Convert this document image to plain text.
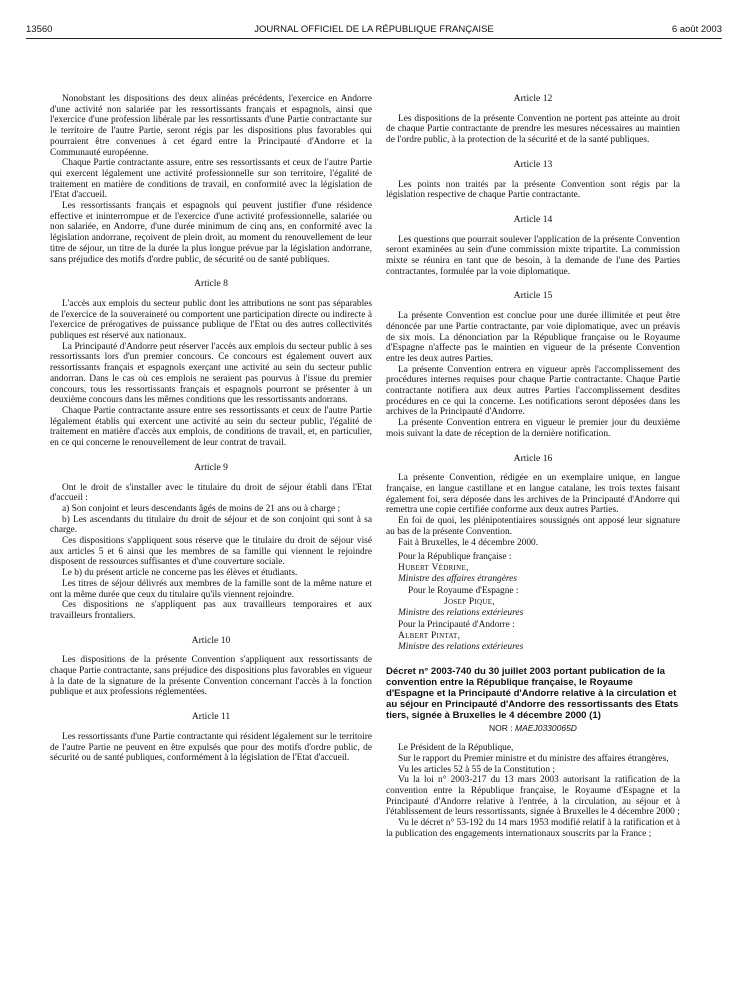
13560	JOURNAL OFFICIEL DE LA RÉPUBLIQUE FRANÇAISE	6 août 2003

Nonobstant les dispositions des deux alinéas précédents, l'exercice en Andorre d'une activité non salariée par les ressortissants français et espagnols, ainsi que l'exercice d'une profession libérale par les ressortissants d'une Partie contractante sur le territoire de l'autre Partie, seront régis par les dispositions plus favorables qui pourraient être convenues à cet égard entre la Principauté d'Andorre et la Communauté européenne.

Chaque Partie contractante assure, entre ses ressortissants et ceux de l'autre Partie qui exercent légalement une activité professionnelle sur son territoire, l'égalité de traitement en matière de conditions de travail, en conformité avec la législation de l'Etat d'accueil.

Les ressortissants français et espagnols qui peuvent justifier d'une résidence effective et ininterrompue et de l'exercice d'une activité professionnelle, salariée ou non salariée, en Andorre, d'une durée minimum de cinq ans, en conformité avec la législation andorrane, reçoivent de plein droit, au moment du renouvellement de leur titre de séjour, un titre de la durée la plus longue prévue par la législation andorrane, sans préjudice des motifs d'ordre public, de sécurité ou de santé publiques.

Article 8

L'accès aux emplois du secteur public dont les attributions ne sont pas séparables de l'exercice de la souveraineté ou comportent une participation directe ou indirecte à l'exercice de prérogatives de puissance publique de l'Etat ou des autres collectivités publiques est réservé aux nationaux.

La Principauté d'Andorre peut réserver l'accès aux emplois du secteur public à ses ressortissants lors d'un premier concours. Ce concours est également ouvert aux ressortissants français et espagnols exerçant une activité au sein du secteur public andorran. Dans le cas où ces emplois ne seraient pas pourvus à l'issue du premier concours, tous les ressortissants français et espagnols pourront se présenter à un deuxième concours dans les mêmes conditions que les ressortissants andorrans.

Chaque Partie contractante assure entre ses ressortissants et ceux de l'autre Partie légalement établis qui exercent une activité au sein du secteur public, l'égalité de traitement en matière d'accès aux emplois, de conditions de travail, et, en particulier, en ce qui concerne le renouvellement de leur contrat de travail.

Article 9

Ont le droit de s'installer avec le titulaire du droit de séjour établi dans l'Etat d'accueil :

a) Son conjoint et leurs descendants âgés de moins de 21 ans ou à charge ;

b) Les ascendants du titulaire du droit de séjour et de son conjoint qui sont à sa charge.

Ces dispositions s'appliquent sous réserve que le titulaire du droit de séjour visé aux articles 5 et 6 ainsi que les membres de sa famille qui viennent le rejoindre disposent de ressources suffisantes et d'une couverture sociale.

Le b) du présent article ne concerne pas les élèves et étudiants.

Les titres de séjour délivrés aux membres de la famille sont de la même nature et ont la même durée que ceux du titulaire qu'ils viennent rejoindre.

Ces dispositions ne s'appliquent pas aux travailleurs temporaires et aux travailleurs frontaliers.

Article 10

Les dispositions de la présente Convention s'appliquent aux ressortissants de chaque Partie contractante, sans préjudice des dispositions plus favorables en vigueur à la date de la signature de la présente Convention concernant l'accès à la fonction publique et aux professions réglementées.

Article 11

Les ressortissants d'une Partie contractante qui résident légalement sur le territoire de l'autre Partie ne peuvent en être expulsés que pour des motifs d'ordre public, de sécurité ou de santé publiques, conformément à la législation de l'Etat d'accueil.

Article 12

Les dispositions de la présente Convention ne portent pas atteinte au droit de chaque Partie contractante de prendre les mesures nécessaires au maintien de l'ordre public, à la protection de la sécurité et de la santé publiques.

Article 13

Les points non traités par la présente Convention sont régis par la législation respective de chaque Partie contractante.

Article 14

Les questions que pourrait soulever l'application de la présente Convention seront examinées au sein d'une commission mixte tripartite. La commission mixte se réunira en tant que de besoin, à la demande de l'une des Parties contractantes, formulée par la voie diplomatique.

Article 15

La présente Convention est conclue pour une durée illimitée et peut être dénoncée par une Partie contractante, par voie diplomatique, avec un préavis de six mois. La dénonciation par la République française ou le Royaume d'Espagne n'affecte pas le maintien en vigueur de la présente Convention entre les deux autres Parties.

La présente Convention entrera en vigueur après l'accomplissement des procédures internes requises pour chaque Partie contractante. Chaque Partie contractante notifiera aux deux autres Parties l'accomplissement desdites procédures en ce qui la concerne. Les notifications seront déposées dans les archives de la Principauté d'Andorre.

La présente Convention entrera en vigueur le premier jour du deuxième mois suivant la date de réception de la dernière notification.

Article 16

La présente Convention, rédigée en un exemplaire unique, en langue française, en langue castillane et en langue catalane, les trois textes faisant également foi, sera déposée dans les archives de la Principauté d'Andorre qui remettra une copie certifiée conforme aux deux autres Parties.

En foi de quoi, les plénipotentiaires soussignés ont apposé leur signature au bas de la présente Convention.

Fait à Bruxelles, le 4 décembre 2000.

Pour la République française :

Hubert Védrine,

Ministre des affaires étrangères

Pour le Royaume d'Espagne :

Josep Pique,

Ministre des relations extérieures

Pour la Principauté d'Andorre :

Albert Pintat,

Ministre des relations extérieures

Décret n° 2003-740 du 30 juillet 2003 portant publication de la convention entre la République française, le Royaume d'Espagne et la Principauté d'Andorre relative à la circulation et au séjour en Principauté d'Andorre des ressortissants des Etats tiers, signée à Bruxelles le 4 décembre 2000 (1)
NOR : MAEJ0330065D

Le Président de la République,

Sur le rapport du Premier ministre et du ministre des affaires étrangères,

Vu les articles 52 à 55 de la Constitution ;

Vu la loi n° 2003-217 du 13 mars 2003 autorisant la ratification de la convention entre la République française, le Royaume d'Espagne et la Principauté d'Andorre relative à l'entrée, à la circulation, au séjour et à l'établissement de leurs ressortissants, signée à Bruxelles le 4 décembre 2000 ;

Vu le décret n° 53-192 du 14 mars 1953 modifié relatif à la ratification et à la publication des engagements internationaux souscrits par la France ;
